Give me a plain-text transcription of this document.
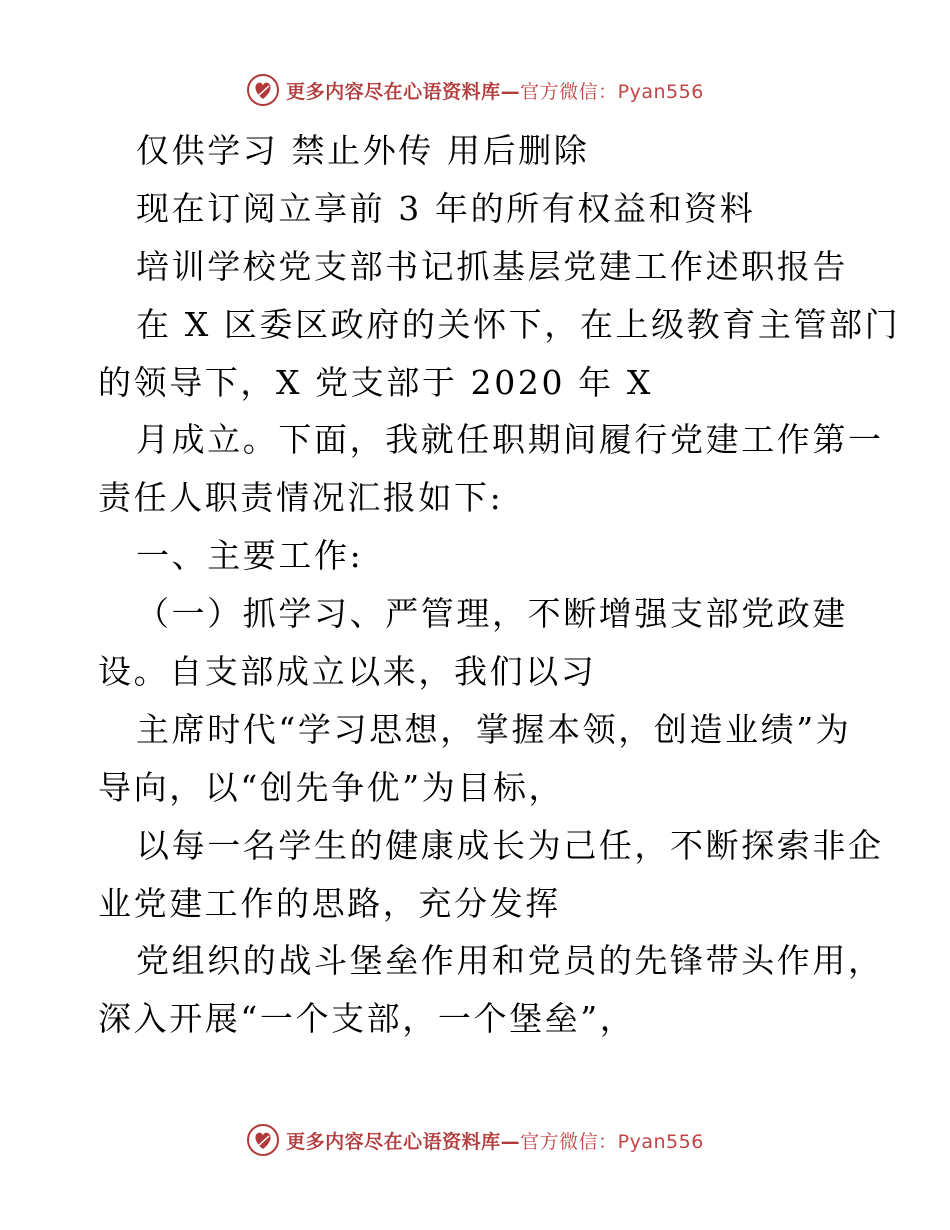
更多内容尽在心语资料库—官方微信：Pyan556
仅供学习 禁止外传 用后删除
现在订阅立享前 3 年的所有权益和资料
培训学校党支部书记抓基层党建工作述职报告
在 X 区委区政府的关怀下，在上级教育主管部门
的领导下，X 党支部于 2020 年 X
月成立。下面，我就任职期间履行党建工作第一
责任人职责情况汇报如下:
一、主要工作:
（一）抓学习、严管理，不断增强支部党政建
设。自支部成立以来，我们以习
主席时代“学习思想，掌握本领，创造业绩”为
导向，以“创先争优”为目标，
以每一名学生的健康成长为己任，不断探索非企
业党建工作的思路，充分发挥
党组织的战斗堡垒作用和党员的先锋带头作用，
深入开展“一个支部，一个堡垒”，
更多内容尽在心语资料库—官方微信：Pyan556
